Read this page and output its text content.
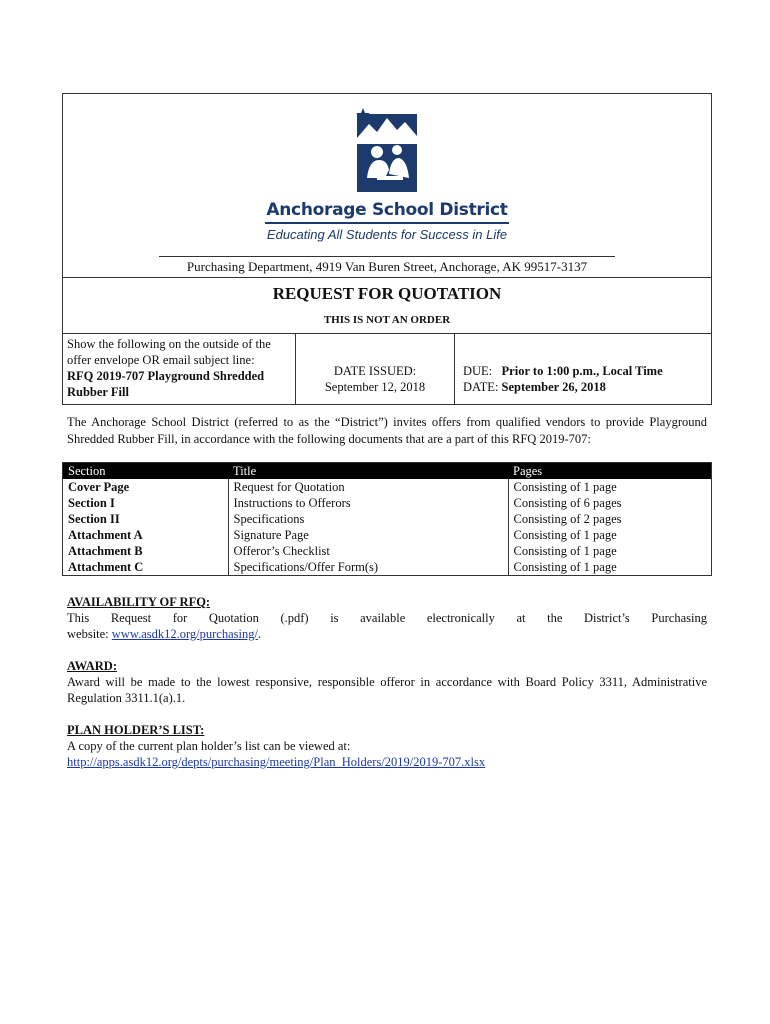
Anchorage School District
Educating All Students for Success in Life
Purchasing Department, 4919 Van Buren Street, Anchorage, AK 99517-3137
REQUEST FOR QUOTATION
THIS IS NOT AN ORDER
Show the following on the outside of the
offer envelope OR email subject line:
RFQ 2019-707 Playground Shredded
Rubber Fill
DATE ISSUED:
September 12, 2018
DUE: Prior to 1:00 p.m., Local Time
DATE: September 26, 2018
The Anchorage School District (referred to as the “District”) invites offers from qualified vendors to provide Playground Shredded Rubber Fill, in accordance with the following documents that are a part of this RFQ 2019-707:
Section	Title	Pages
Cover Page	Request for Quotation	Consisting of 1 page
Section I	Instructions to Offerors	Consisting of 6 pages
Section II	Specifications	Consisting of 2 pages
Attachment A	Signature Page	Consisting of 1 page
Attachment B	Offeror’s Checklist	Consisting of 1 page
Attachment C	Specifications/Offer Form(s)	Consisting of 1 page
AVAILABILITY OF RFQ:
This Request for Quotation (.pdf) is available electronically at the District’s Purchasing
website: www.asdk12.org/purchasing/.
AWARD:
Award will be made to the lowest responsive, responsible offeror in accordance with Board Policy 3311, Administrative Regulation 3311.1(a).1.
PLAN HOLDER’S LIST:
A copy of the current plan holder’s list can be viewed at:
http://apps.asdk12.org/depts/purchasing/meeting/Plan_Holders/2019/2019-707.xlsx
